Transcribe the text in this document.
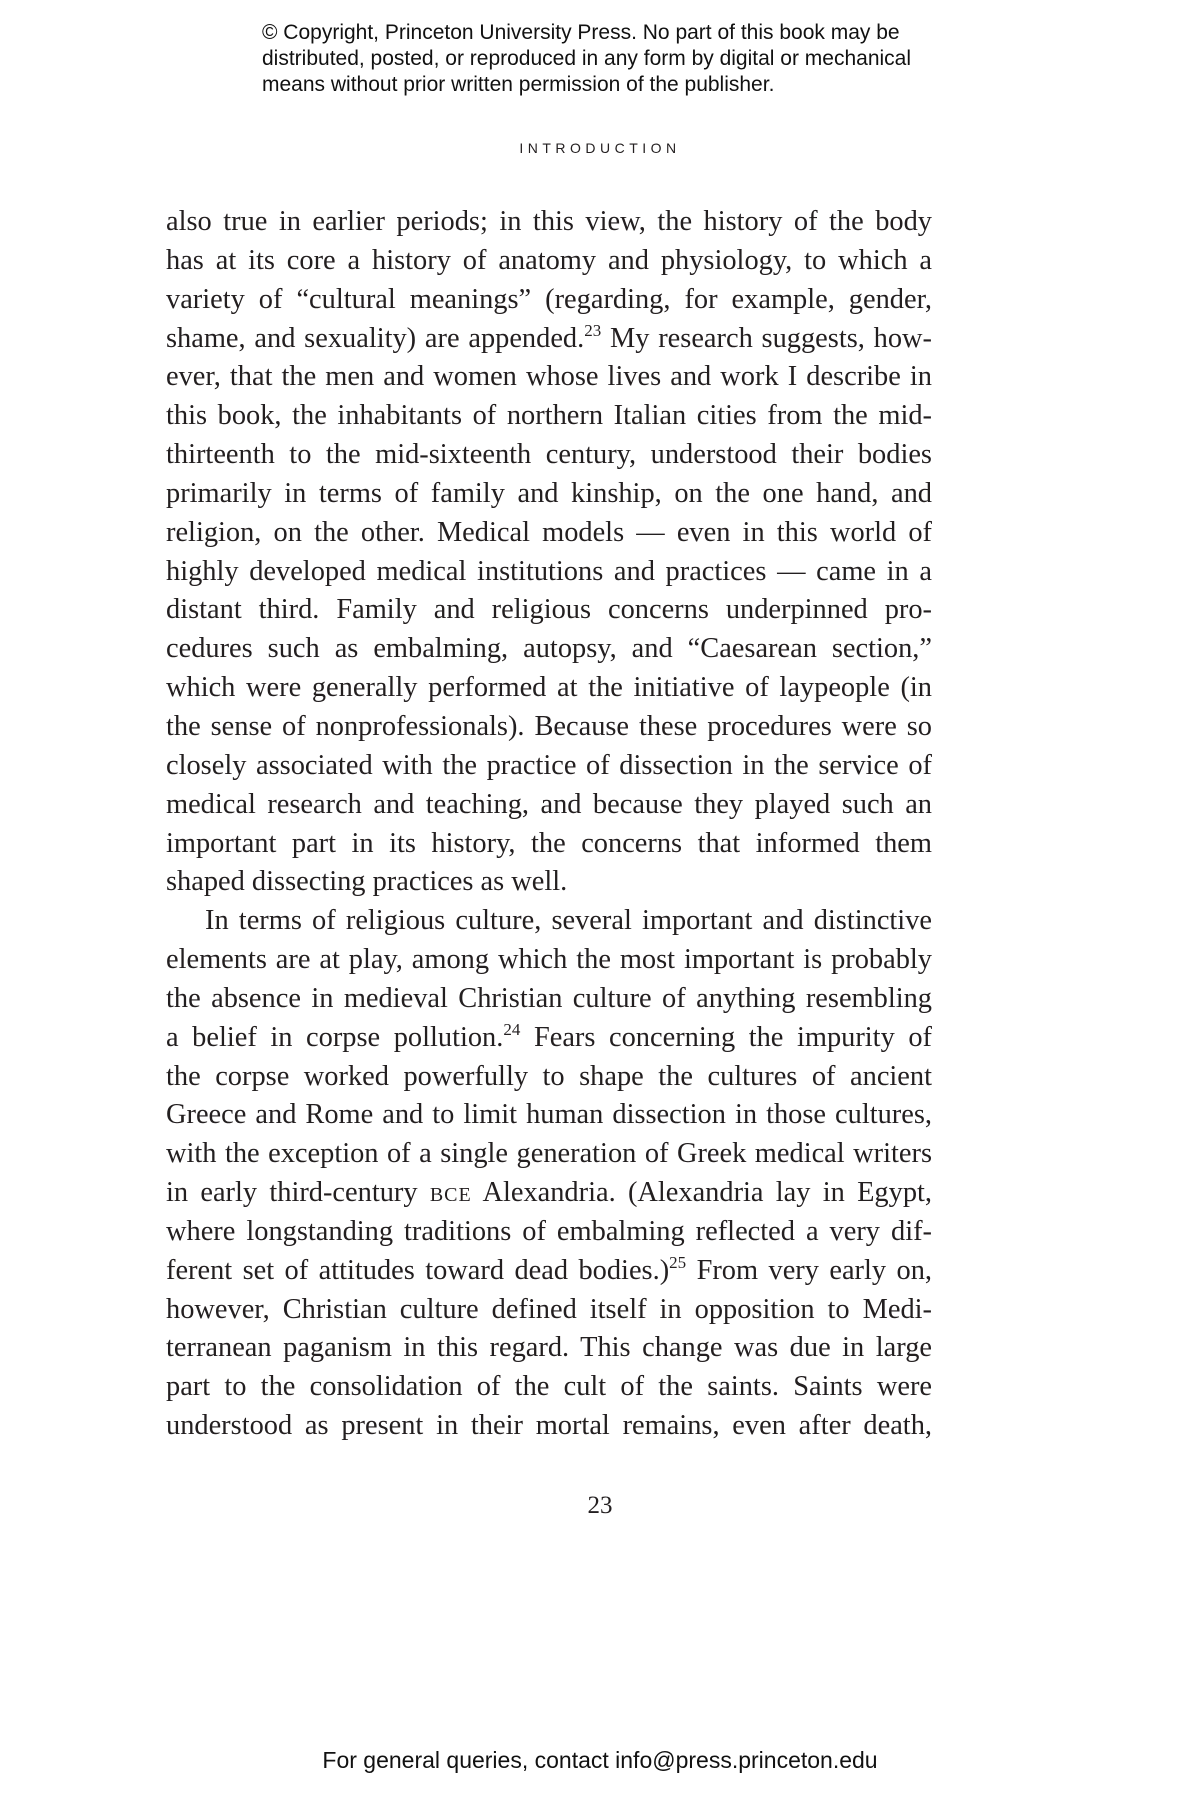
© Copyright, Princeton University Press. No part of this book may be
distributed, posted, or reproduced in any form by digital or mechanical
means without prior written permission of the publisher.
INTRODUCTION
also true in earlier periods; in this view, the history of the body
has at its core a history of anatomy and physiology, to which a
variety of “cultural meanings” (regarding, for example, gender,
shame, and sexuality) are appended.$^{23}$ My research suggests, how-
ever, that the men and women whose lives and work I describe in
this book, the inhabitants of northern Italian cities from the mid-
thirteenth to the mid-sixteenth century, understood their bodies
primarily in terms of family and kinship, on the one hand, and
religion, on the other. Medical models — even in this world of
highly developed medical institutions and practices — came in a
distant third. Family and religious concerns underpinned pro-
cedures such as embalming, autopsy, and “Caesarean section,”
which were generally performed at the initiative of laypeople (in
the sense of nonprofessionals). Because these procedures were so
closely associated with the practice of dissection in the service of
medical research and teaching, and because they played such an
important part in its history, the concerns that informed them
shaped dissecting practices as well.
In terms of religious culture, several important and distinctive
elements are at play, among which the most important is probably
the absence in medieval Christian culture of anything resembling
a belief in corpse pollution.$^{24}$ Fears concerning the impurity of
the corpse worked powerfully to shape the cultures of ancient
Greece and Rome and to limit human dissection in those cultures,
with the exception of a single generation of Greek medical writers
in early third-century bce Alexandria. (Alexandria lay in Egypt,
where longstanding traditions of embalming reflected a very dif-
ferent set of attitudes toward dead bodies.)$^{25}$ From very early on,
however, Christian culture defined itself in opposition to Medi-
terranean paganism in this regard. This change was due in large
part to the consolidation of the cult of the saints. Saints were
understood as present in their mortal remains, even after death,
23
For general queries, contact info@press.princeton.edu
